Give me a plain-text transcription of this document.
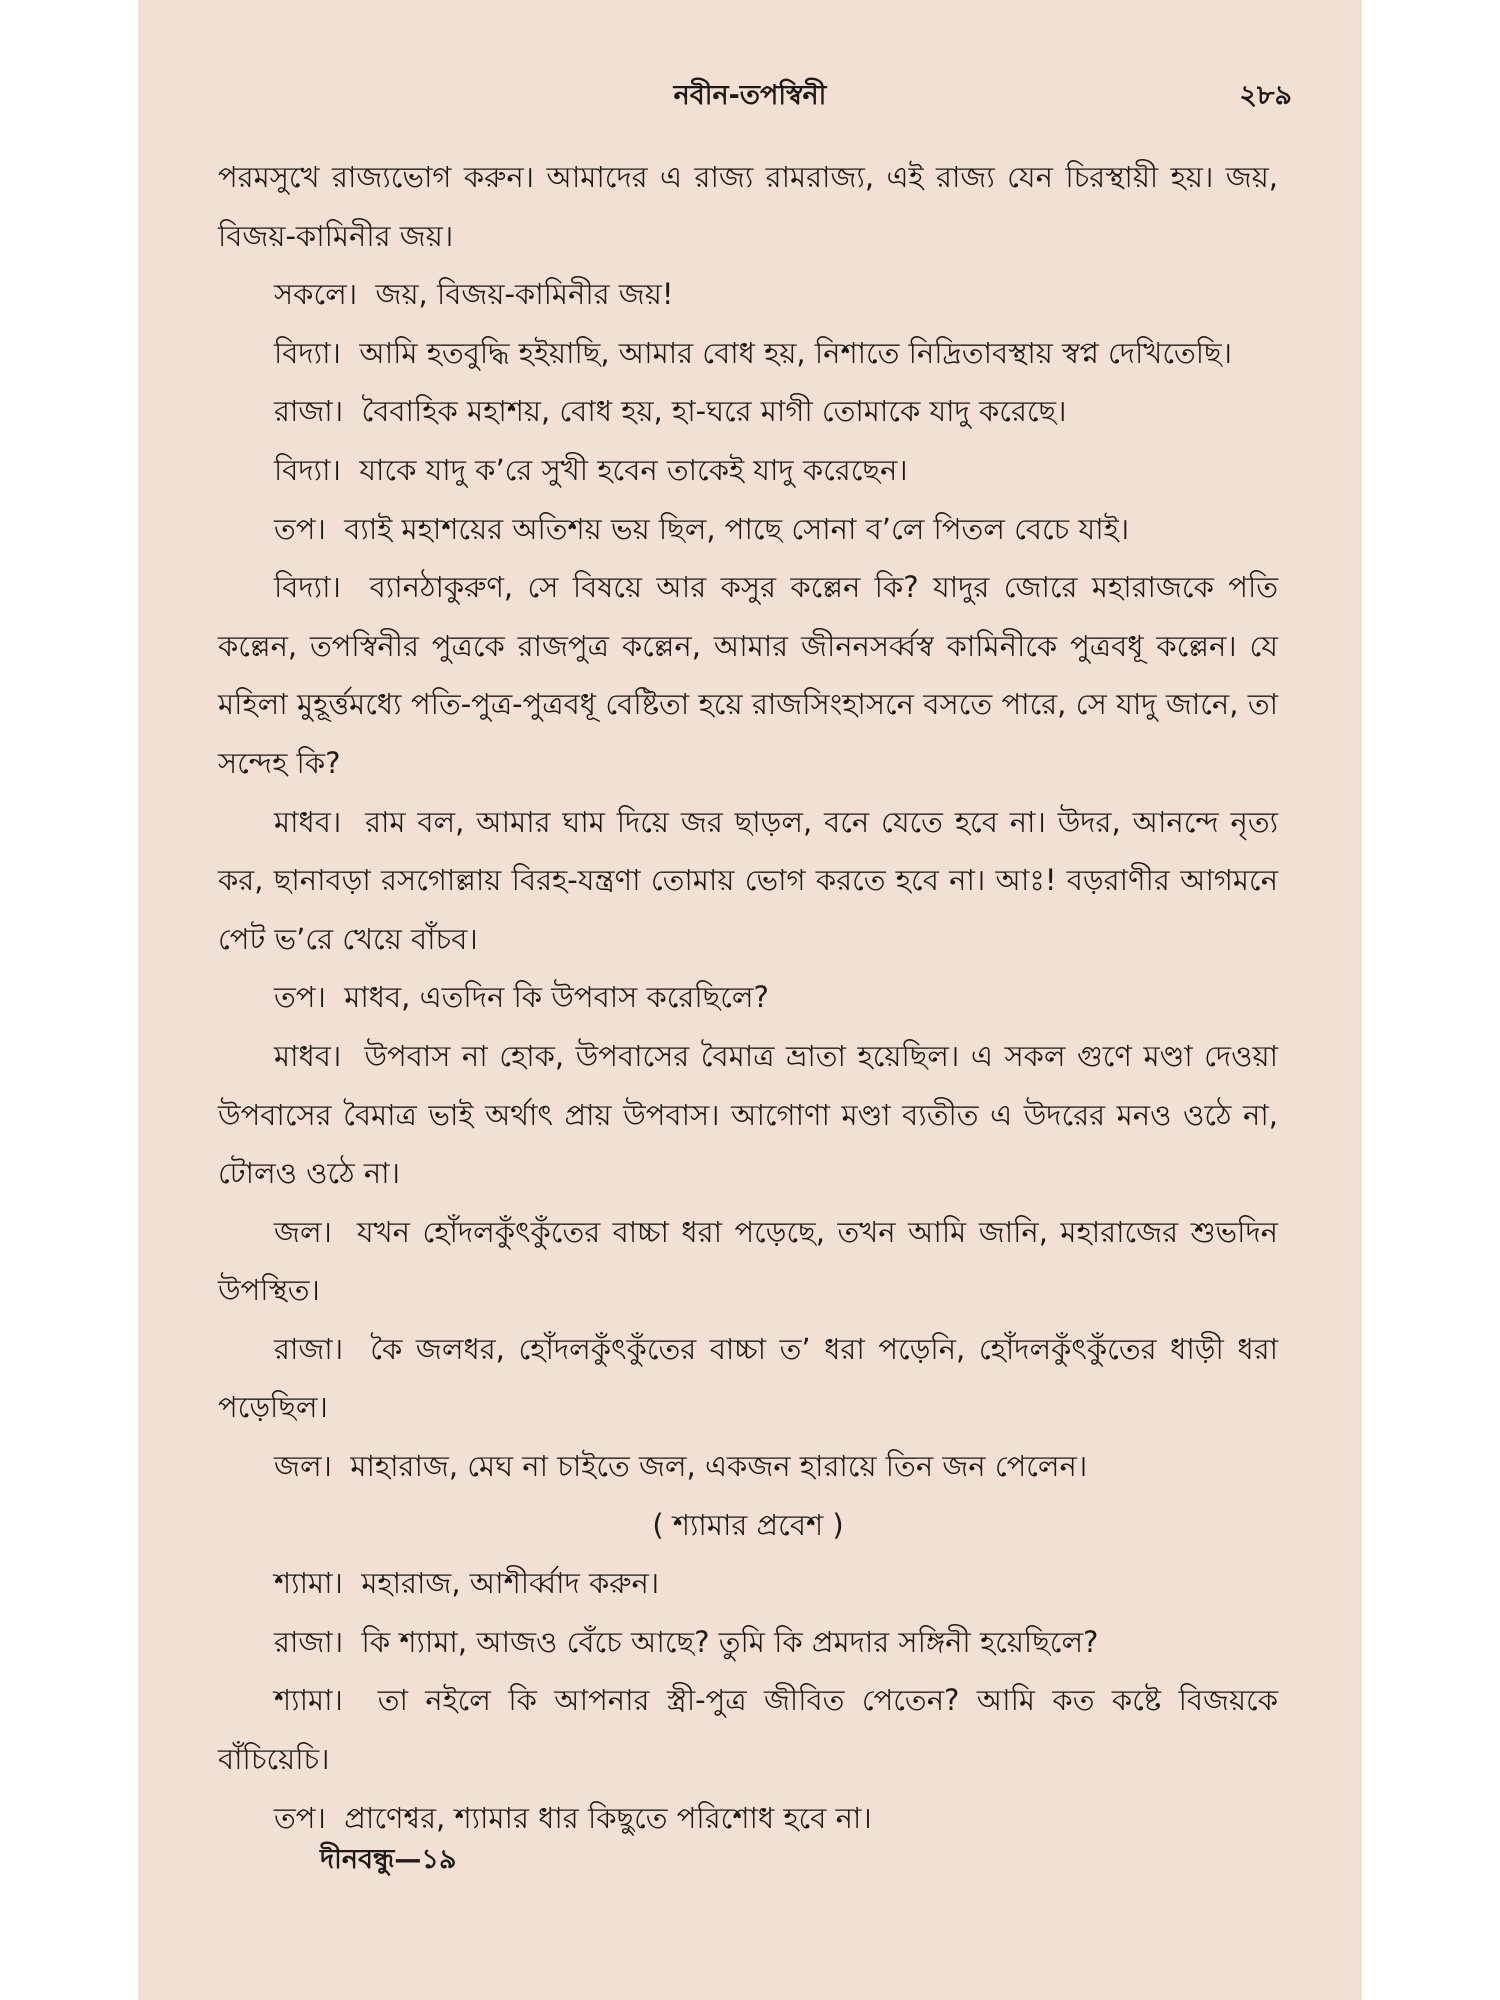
নবীন-তপস্বিনী	২৮৯

পরমসুখে রাজ্যভোগ করুন। আমাদের এ রাজ্য রামরাজ্য, এই রাজ্য যেন চিরস্থায়ী হয়। জয়, বিজয়-কামিনীর জয়।

সকলে। জয়, বিজয়-কামিনীর জয়!

বিদ্যা। আমি হতবুদ্ধি হইয়াছি, আমার বোধ হয়, নিশাতে নিদ্রিতাবস্থায় স্বপ্ন দেখিতেছি।

রাজা। বৈবাহিক মহাশয়, বোধ হয়, হা-ঘরে মাগী তোমাকে যাদু করেছে।

বিদ্যা। যাকে যাদু ক’রে সুখী হবেন তাকেই যাদু করেছেন।

তপ। ব্যাই মহাশয়ের অতিশয় ভয় ছিল, পাছে সোনা ব’লে পিতল বেচে যাই।

বিদ্যা। ব্যানঠাকুরুণ, সে বিষয়ে আর কসুর কল্লেন কি? যাদুর জোরে মহারাজকে পতি কল্লেন, তপস্বিনীর পুত্রকে রাজপুত্র কল্লেন, আমার জীননসর্ব্বস্ব কামিনীকে পুত্রবধূ কল্লেন। যে মহিলা মুহূর্ত্তমধ্যে পতি-পুত্র-পুত্রবধূ বেষ্টিতা হয়ে রাজসিংহাসনে বসতে পারে, সে যাদু জানে, তা সন্দেহ কি?

মাধব। রাম বল, আমার ঘাম দিয়ে জর ছাড়ল, বনে যেতে হবে না। উদর, আনন্দে নৃত্য কর, ছানাবড়া রসগোল্লায় বিরহ-যন্ত্রণা তোমায় ভোগ করতে হবে না। আঃ! বড়রাণীর আগমনে পেট ভ’রে খেয়ে বাঁচব।

তপ। মাধব, এতদিন কি উপবাস করেছিলে?

মাধব। উপবাস না হোক, উপবাসের বৈমাত্র ভ্রাতা হয়েছিল। এ সকল গুণে মণ্ডা দেওয়া উপবাসের বৈমাত্র ভাই অর্থাৎ প্রায় উপবাস। আগোণা মণ্ডা ব্যতীত এ উদরের মনও ওঠে না, টোলও ওঠে না।

জল। যখন হোঁদলকুঁৎকুঁতের বাচ্চা ধরা পড়েছে, তখন আমি জানি, মহারাজের শুভদিন উপস্থিত।

রাজা। কৈ জলধর, হোঁদলকুঁৎকুঁতের বাচ্চা ত’ ধরা পড়েনি, হোঁদলকুঁৎকুঁতের ধাড়ী ধরা পড়েছিল।

জল। মাহারাজ, মেঘ না চাইতে জল, একজন হারায়ে তিন জন পেলেন।

( শ্যামার প্রবেশ )

শ্যামা। মহারাজ, আশীর্ব্বাদ করুন।

রাজা। কি শ্যামা, আজও বেঁচে আছে? তুমি কি প্রমদার সঙ্গিনী হয়েছিলে?

শ্যামা। তা নইলে কি আপনার স্ত্রী-পুত্র জীবিত পেতেন? আমি কত কষ্টে বিজয়কে বাঁচিয়েচি।

তপ। প্রাণেশ্বর, শ্যামার ধার কিছুতে পরিশোধ হবে না।

দীনবন্ধু—১৯
